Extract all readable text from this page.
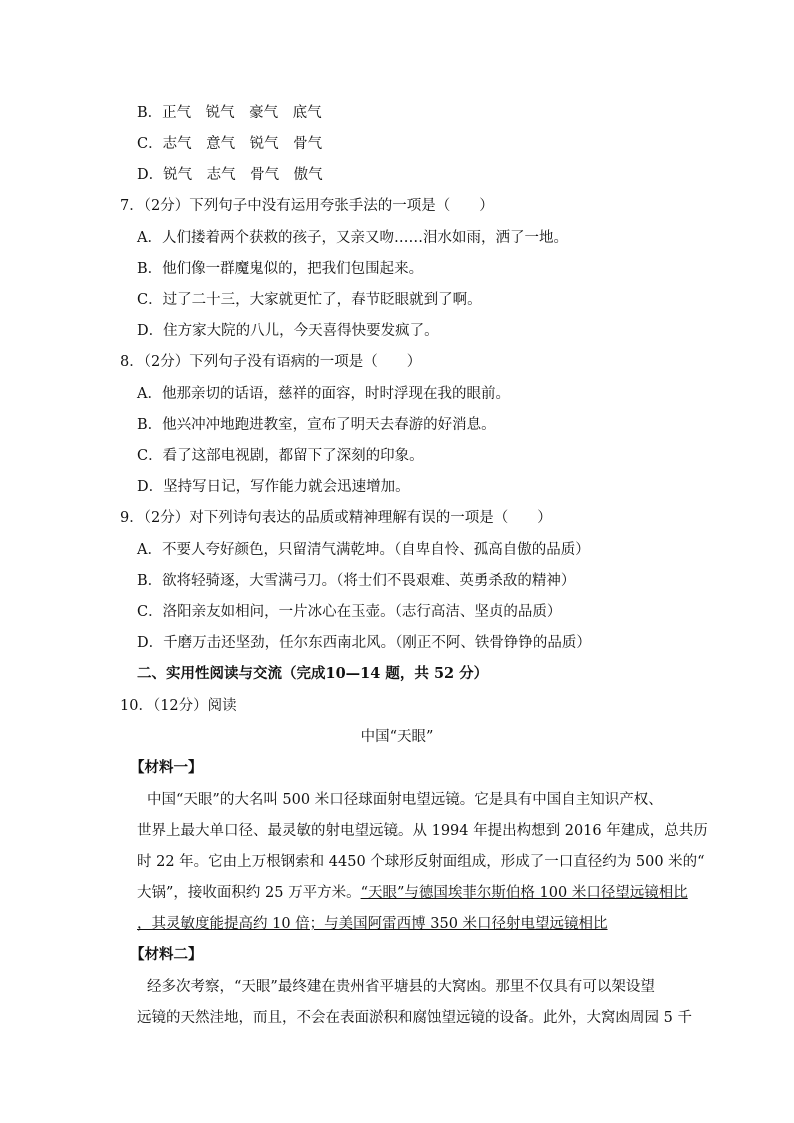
B．正气　锐气　豪气　底气
C．志气　意气　锐气　骨气
D．锐气　志气　骨气　傲气
7．（2分）下列句子中没有运用夸张手法的一项是（　　）
A．人们搂着两个获救的孩子，又亲又吻……泪水如雨，洒了一地。
B．他们像一群魔鬼似的，把我们包围起来。
C．过了二十三，大家就更忙了，春节眨眼就到了啊。
D．住方家大院的八儿，今天喜得快要发疯了。
8．（2分）下列句子没有语病的一项是（　　）
A．他那亲切的话语，慈祥的面容，时时浮现在我的眼前。
B．他兴冲冲地跑进教室，宣布了明天去春游的好消息。
C．看了这部电视剧，都留下了深刻的印象。
D．坚持写日记，写作能力就会迅速增加。
9．（2分）对下列诗句表达的品质或精神理解有误的一项是（　　）
A．不要人夸好颜色，只留清气满乾坤。（自卑自怜、孤高自傲的品质）
B．欲将轻骑逐，大雪满弓刀。（将士们不畏艰难、英勇杀敌的精神）
C．洛阳亲友如相问，一片冰心在玉壶。（志行高洁、坚贞的品质）
D．千磨万击还坚劲，任尔东西南北风。（刚正不阿、铁骨铮铮的品质）
二、实用性阅读与交流（完成10—14 题，共 52 分）
10．（12分）阅读
中国“天眼”
【材料一】
中国“天眼”的大名叫 500 米口径球面射电望远镜。它是具有中国自主知识产权、
世界上最大单口径、最灵敏的射电望远镜。从 1994 年提出构想到 2016 年建成，总共历
时 22 年。它由上万根钢索和 4450 个球形反射面组成，形成了一口直径约为 500 米的“
大锅”，接收面积约 25 万平方米。“天眼”与德国埃菲尔斯伯格 100 米口径望远镜相比
，其灵敏度能提高约 10 倍；与美国阿雷西博 350 米口径射电望远镜相比
【材料二】
经多次考察，“天眼”最终建在贵州省平塘县的大窝凼。那里不仅具有可以架设望
远镜的天然洼地，而且，不会在表面淤积和腐蚀望远镜的设备。此外，大窝凼周园 5 千
